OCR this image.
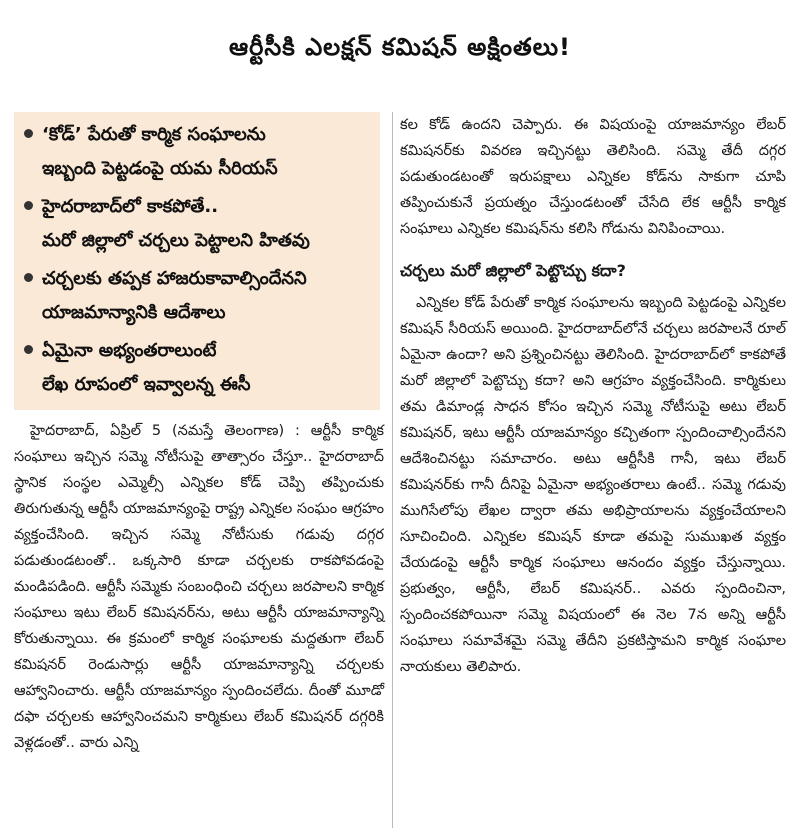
ఆర్టీసీకి ఎలక్షన్ కమిషన్ అక్షింతలు!
‘కోడ్’ పేరుతో కార్మిక సంఘాలను
ఇబ్బంది పెట్టడంపై యమ సీరియస్
హైదరాబాద్‌లో కాకపోతే..
మరో జిల్లాలో చర్చలు పెట్టాలని హితవు
చర్చలకు తప్పక హాజరుకావాల్సిందేనని
యాజమాన్యానికి ఆదేశాలు
ఏమైనా అభ్యంతరాలుంటే
లేఖ రూపంలో ఇవ్వాలన్న ఈసీ

హైదరాబాద్, ఏప్రిల్ 5 (నమస్తే తెలంగాణ) : ఆర్టీసీ కార్మిక సంఘాలు ఇచ్చిన సమ్మె నోటీసుపై తాత్సారం చేస్తూ.. హైదరాబాద్ స్థానిక సంస్థల ఎమ్మెల్సీ ఎన్నికల కోడ్ చెప్పి తప్పించుకు తిరుగుతున్న ఆర్టీసీ యాజమాన్యంపై రాష్ట్ర ఎన్నికల సంఘం ఆగ్రహం వ్యక్తంచేసింది. ఇచ్చిన సమ్మె నోటీసుకు గడువు దగ్గర పడుతుండటంతో.. ఒక్కసారి కూడా చర్చలకు రాకపోవడంపై మండిపడింది. ఆర్టీసీ సమ్మెకు సంబంధించి చర్చలు జరపాలని కార్మిక సంఘాలు ఇటు లేబర్ కమిషనర్‌ను, అటు ఆర్టీసీ యాజమాన్యాన్ని కోరుతున్నాయి. ఈ క్రమంలో కార్మిక సంఘాలకు మద్దతుగా లేబర్ కమిషనర్ రెండుసార్లు ఆర్టీసీ యాజమాన్యాన్ని చర్చలకు ఆహ్వానించారు. ఆర్టీసీ యాజమాన్యం స్పందించలేదు. దీంతో మూడో దఫా చర్చలకు ఆహ్వానించమని కార్మికులు లేబర్ కమిషనర్ దగ్గరికి వెళ్లడంతో.. వారు ఎన్ని

కల కోడ్ ఉందని చెప్పారు. ఈ విషయంపై యాజమాన్యం లేబర్ కమిషనర్‌కు వివరణ ఇచ్చినట్టు తెలిసింది. సమ్మె తేదీ దగ్గర పడుతుండటంతో ఇరుపక్షాలు ఎన్నికల కోడ్‌ను సాకుగా చూపి తప్పించుకునే ప్రయత్నం చేస్తుండటంతో చేసేది లేక ఆర్టీసీ కార్మిక సంఘాలు ఎన్నికల కమిషన్‌ను కలిసి గోడును వినిపించాయి.

చర్చలు మరో జిల్లాలో పెట్టొచ్చు కదా?

ఎన్నికల కోడ్ పేరుతో కార్మిక సంఘాలను ఇబ్బంది పెట్టడంపై ఎన్నికల కమిషన్ సీరియస్ అయింది. హైదరాబాద్‌లోనే చర్చలు జరపాలనే రూల్ ఏమైనా ఉందా? అని ప్రశ్నించినట్టు తెలిసింది. హైదరాబాద్‌లో కాకపోతే మరో జిల్లాలో పెట్టొచ్చు కదా? అని ఆగ్రహం వ్యక్తంచేసింది. కార్మికులు తమ డిమాండ్ల సాధన కోసం ఇచ్చిన సమ్మె నోటీసుపై అటు లేబర్ కమిషనర్, ఇటు ఆర్టీసీ యాజమాన్యం కచ్చితంగా స్పందించాల్సిందేనని ఆదేశించినట్టు సమాచారం. అటు ఆర్టీసీకి గానీ, ఇటు లేబర్ కమిషనర్‌కు గానీ దీనిపై ఏమైనా అభ్యంతరాలు ఉంటే.. సమ్మె గడువు ముగిసేలోపు లేఖల ద్వారా తమ అభిప్రాయాలను వ్యక్తంచేయాలని సూచించింది. ఎన్నికల కమిషన్ కూడా తమపై సుముఖత వ్యక్తం చేయడంపై ఆర్టీసీ కార్మిక సంఘాలు ఆనందం వ్యక్తం చేస్తున్నాయి. ప్రభుత్వం, ఆర్టీసీ, లేబర్ కమిషనర్.. ఎవరు స్పందించినా, స్పందించకపోయినా సమ్మె విషయంలో ఈ నెల 7న అన్ని ఆర్టీసీ సంఘాలు సమావేశమై సమ్మె తేదీని ప్రకటిస్తామని కార్మిక సంఘాల నాయకులు తెలిపారు.
